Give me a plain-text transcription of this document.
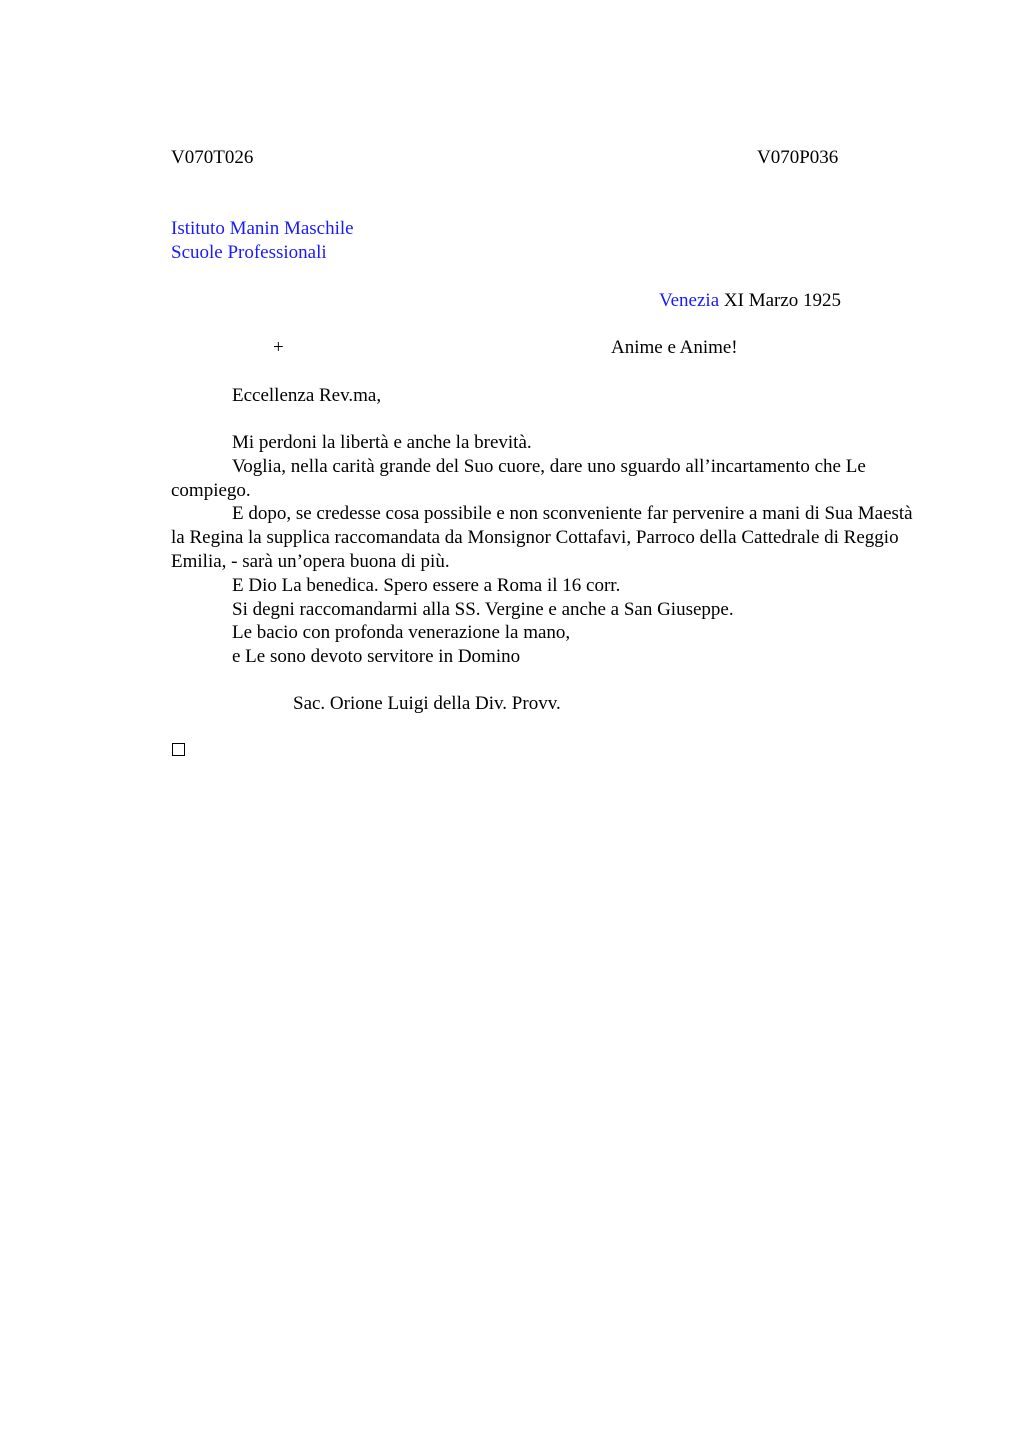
V070T026	V070P036
Istituto Manin Maschile
Scuole Professionali
Venezia XI Marzo 1925
+	Anime e Anime!
Eccellenza Rev.ma,
Mi perdoni la libertà e anche la brevità.
Voglia, nella carità grande del Suo cuore, dare uno sguardo all’incartamento che Le compiego.
E dopo, se credesse cosa possibile e non sconveniente far pervenire a mani di Sua Maestà la Regina la supplica raccomandata da Monsignor Cottafavi, Parroco della Cattedrale di Reggio Emilia, - sarà un’opera buona di più.
E Dio La benedica. Spero essere a Roma il 16 corr.
Si degni raccomandarmi alla SS. Vergine e anche a San Giuseppe.
Le bacio con profonda venerazione la mano,
e Le sono devoto servitore in Domino
Sac. Orione Luigi della Div. Provv.
